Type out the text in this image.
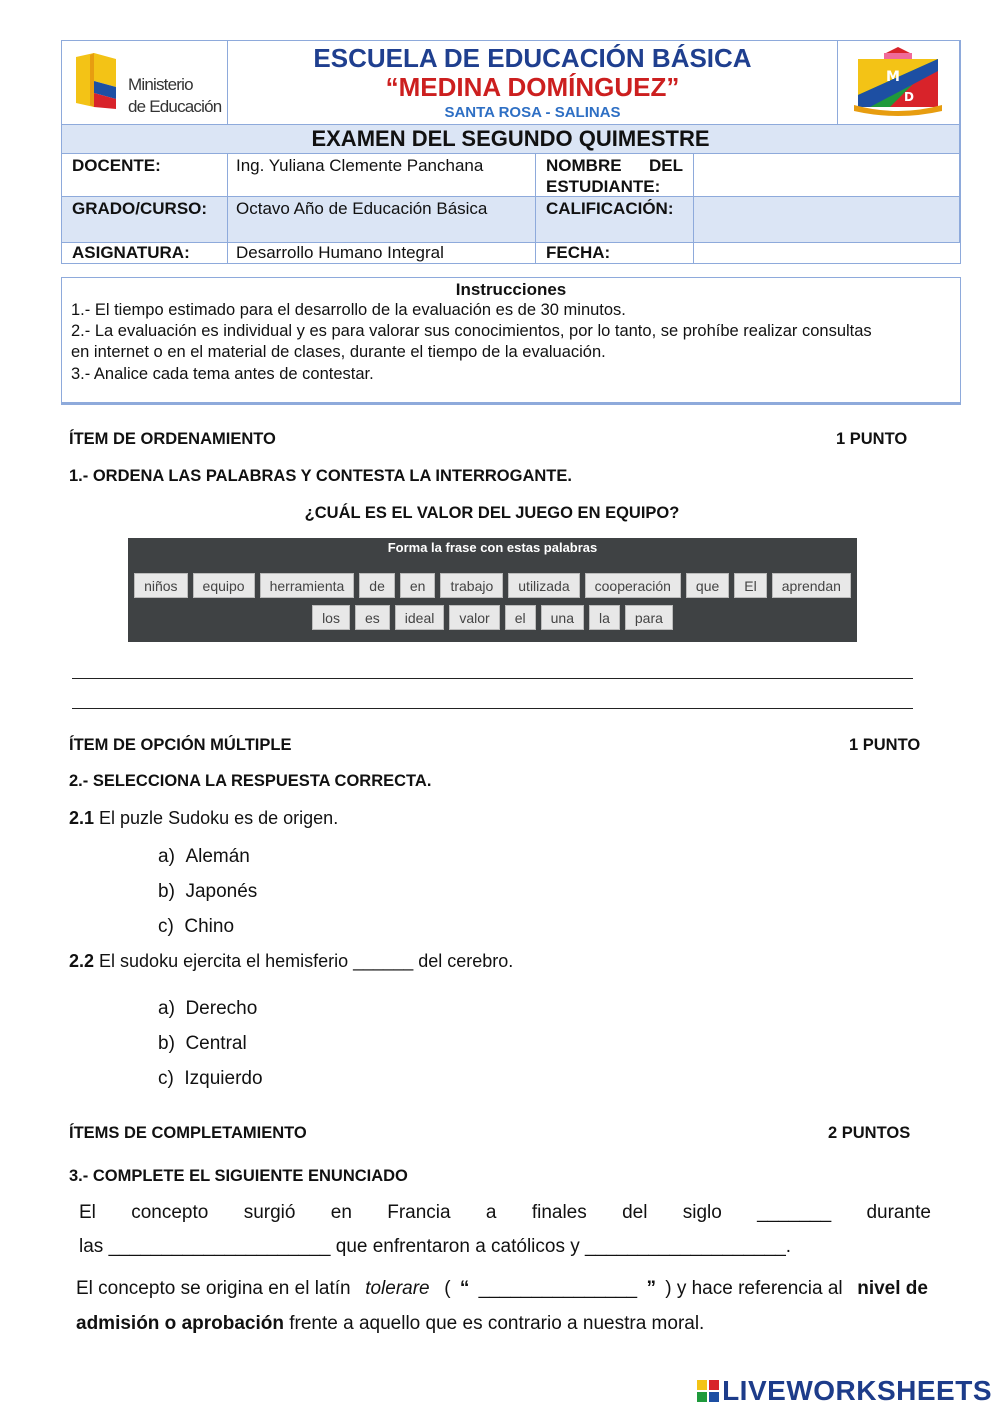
Ministerio
de Educación
ESCUELA DE EDUCACIÓN BÁSICA
“MEDINA DOMÍNGUEZ”
SANTA ROSA - SALINAS
M
D
EXAMEN DEL SEGUNDO QUIMESTRE
DOCENTE:	Ing. Yuliana Clemente Panchana	NOMBRE DEL
ESTUDIANTE:
GRADO/CURSO:	Octavo Año de Educación Básica	CALIFICACIÓN:
ASIGNATURA:	Desarrollo Humano Integral	FECHA:
Instrucciones
1.- El tiempo estimado para el desarrollo de la evaluación es de 30 minutos.
2.- La evaluación es individual y es para valorar sus conocimientos, por lo tanto, se prohíbe realizar consultas
en internet o en el material de clases, durante el tiempo de la evaluación.
3.- Analice cada tema antes de contestar.
ÍTEM DE ORDENAMIENTO	1 PUNTO
1.- ORDENA LAS PALABRAS Y CONTESTA LA INTERROGANTE.
¿CUÁL ES EL VALOR DEL JUEGO EN EQUIPO?
Forma la frase con estas palabras
niños	equipo	herramienta	de	en	trabajo	utilizada	cooperación	que	El	aprendan
los	es	ideal	valor	el	una	la	para
ÍTEM DE OPCIÓN MÚLTIPLE	1 PUNTO
2.- SELECCIONA LA RESPUESTA CORRECTA.
2.1 El puzle Sudoku es de origen.
a)  Alemán
b)  Japonés
c)  Chino
2.2 El sudoku ejercita el hemisferio ______ del cerebro.
a)  Derecho
b)  Central
c)  Izquierdo
ÍTEMS DE COMPLETAMIENTO	2 PUNTOS
3.- COMPLETE EL SIGUIENTE ENUNCIADO
El concepto surgió en Francia a finales del siglo _______ durante
las _____________________ que enfrentaron a católicos y ___________________.
El concepto se origina en el latín tolerare ( “ _______________ ” ) y hace referencia al nivel de
admisión o aprobación frente a aquello que es contrario a nuestra moral.
LIVEWORKSHEETS
